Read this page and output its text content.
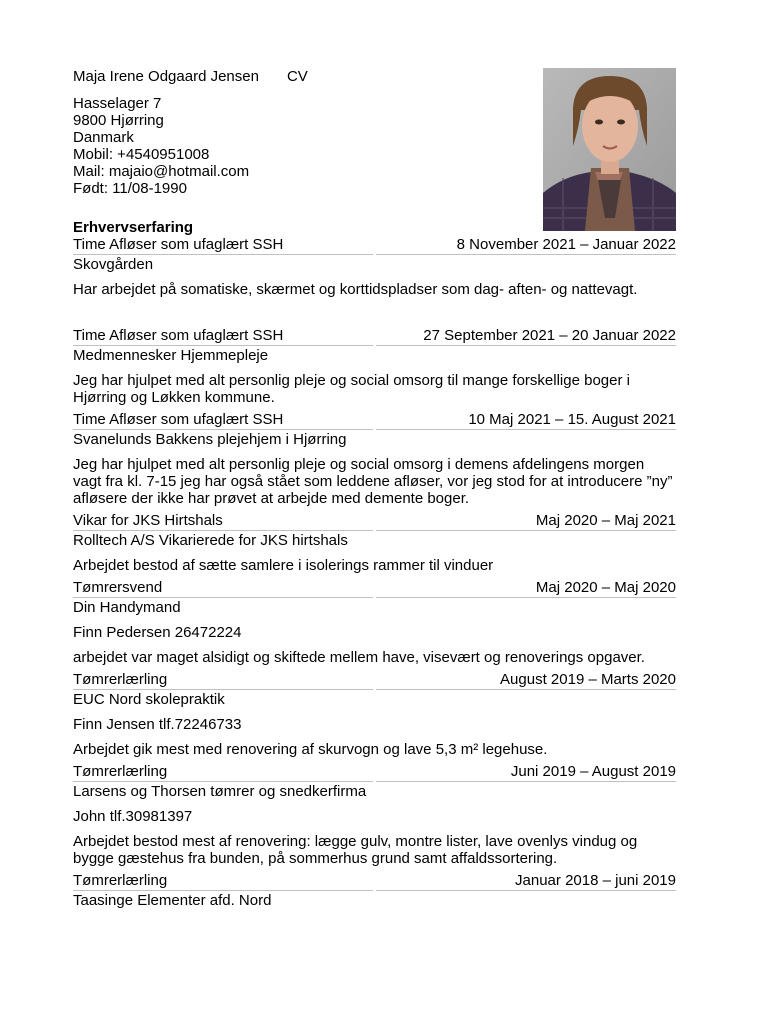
Maja Irene Odgaard Jensen CV
Hasselager 7
9800 Hjørring
Danmark
Mobil: +4540951008
Mail: majaio@hotmail.com
Født: 11/08-1990
Erhvervserfaring
Time Afløser som ufaglært SSH	8 November 2021 – Januar 2022
Skovgården
Har arbejdet på somatiske, skærmet og korttidspladser som dag- aften- og nattevagt.
Time Afløser som ufaglært SSH	27 September 2021 – 20 Januar 2022
Medmennesker Hjemmepleje
Jeg har hjulpet med alt personlig pleje og social omsorg til mange forskellige boger i Hjørring og Løkken kommune.
Time Afløser som ufaglært SSH	10 Maj 2021 – 15. August 2021
Svanelunds Bakkens plejehjem i Hjørring
Jeg har hjulpet med alt personlig pleje og social omsorg i demens afdelingens morgen vagt fra kl. 7-15 jeg har også stået som leddene afløser, vor jeg stod for at introducere ”ny” afløsere der ikke har prøvet at arbejde med demente boger.
Vikar for JKS Hirtshals	Maj 2020 – Maj 2021
Rolltech A/S Vikarierede for JKS hirtshals
Arbejdet bestod af sætte samlere i isolerings rammer til vinduer
Tømrersvend	Maj 2020 – Maj 2020
Din Handymand
Finn Pedersen 26472224
arbejdet var maget alsidigt og skiftede mellem have, visevært og renoverings opgaver.
Tømrerlærling	August 2019 – Marts 2020
EUC Nord skolepraktik
Finn Jensen tlf.72246733
Arbejdet gik mest med renovering af skurvogn og lave 5,3 m² legehuse.
Tømrerlærling	Juni 2019 – August 2019
Larsens og Thorsen tømrer og snedkerfirma
John tlf.30981397
Arbejdet bestod mest af renovering: lægge gulv, montre lister, lave ovenlys vindug og bygge gæstehus fra bunden, på sommerhus grund samt affaldssortering.
Tømrerlærling	Januar 2018 – juni 2019
Taasinge Elementer afd. Nord
